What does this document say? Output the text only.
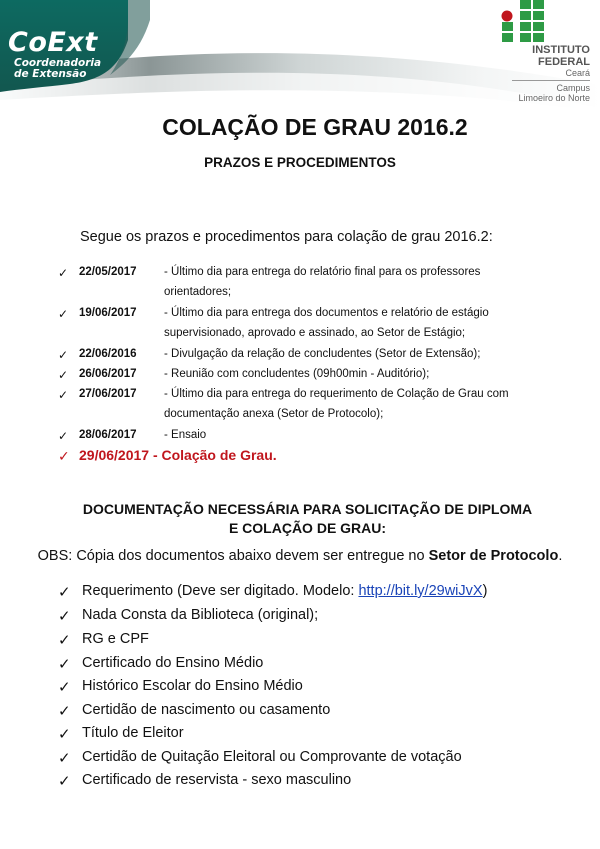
CoExt
Coordenadoria
de Extensão
INSTITUTO
FEDERAL
Ceará
Campus
Limoeiro do Norte
COLAÇÃO DE GRAU 2016.2
PRAZOS E PROCEDIMENTOS
Segue os prazos e procedimentos para colação de grau 2016.2:
✓ 22/05/2017 - Último dia para entrega do relatório final para os professores
orientadores;
✓ 19/06/2017 - Último dia para entrega dos documentos e relatório de estágio
supervisionado, aprovado e assinado, ao Setor de Estágio;
✓ 22/06/2016 - Divulgação da relação de concludentes (Setor de Extensão);
✓ 26/06/2017 - Reunião com concludentes (09h00min - Auditório);
✓ 27/06/2017 - Último dia para entrega do requerimento de Colação de Grau com
documentação anexa (Setor de Protocolo);
✓ 28/06/2017 - Ensaio
✓ 29/06/2017 - Colação de Grau.
DOCUMENTAÇÃO NECESSÁRIA PARA SOLICITAÇÃO DE DIPLOMA
E COLAÇÃO DE GRAU:
OBS: Cópia dos documentos abaixo devem ser entregue no Setor de Protocolo.
✓ Requerimento (Deve ser digitado. Modelo: http://bit.ly/29wiJvX)
✓ Nada Consta da Biblioteca (original);
✓ RG e CPF
✓ Certificado do Ensino Médio
✓ Histórico Escolar do Ensino Médio
✓ Certidão de nascimento ou casamento
✓ Título de Eleitor
✓ Certidão de Quitação Eleitoral ou Comprovante de votação
✓ Certificado de reservista - sexo masculino
